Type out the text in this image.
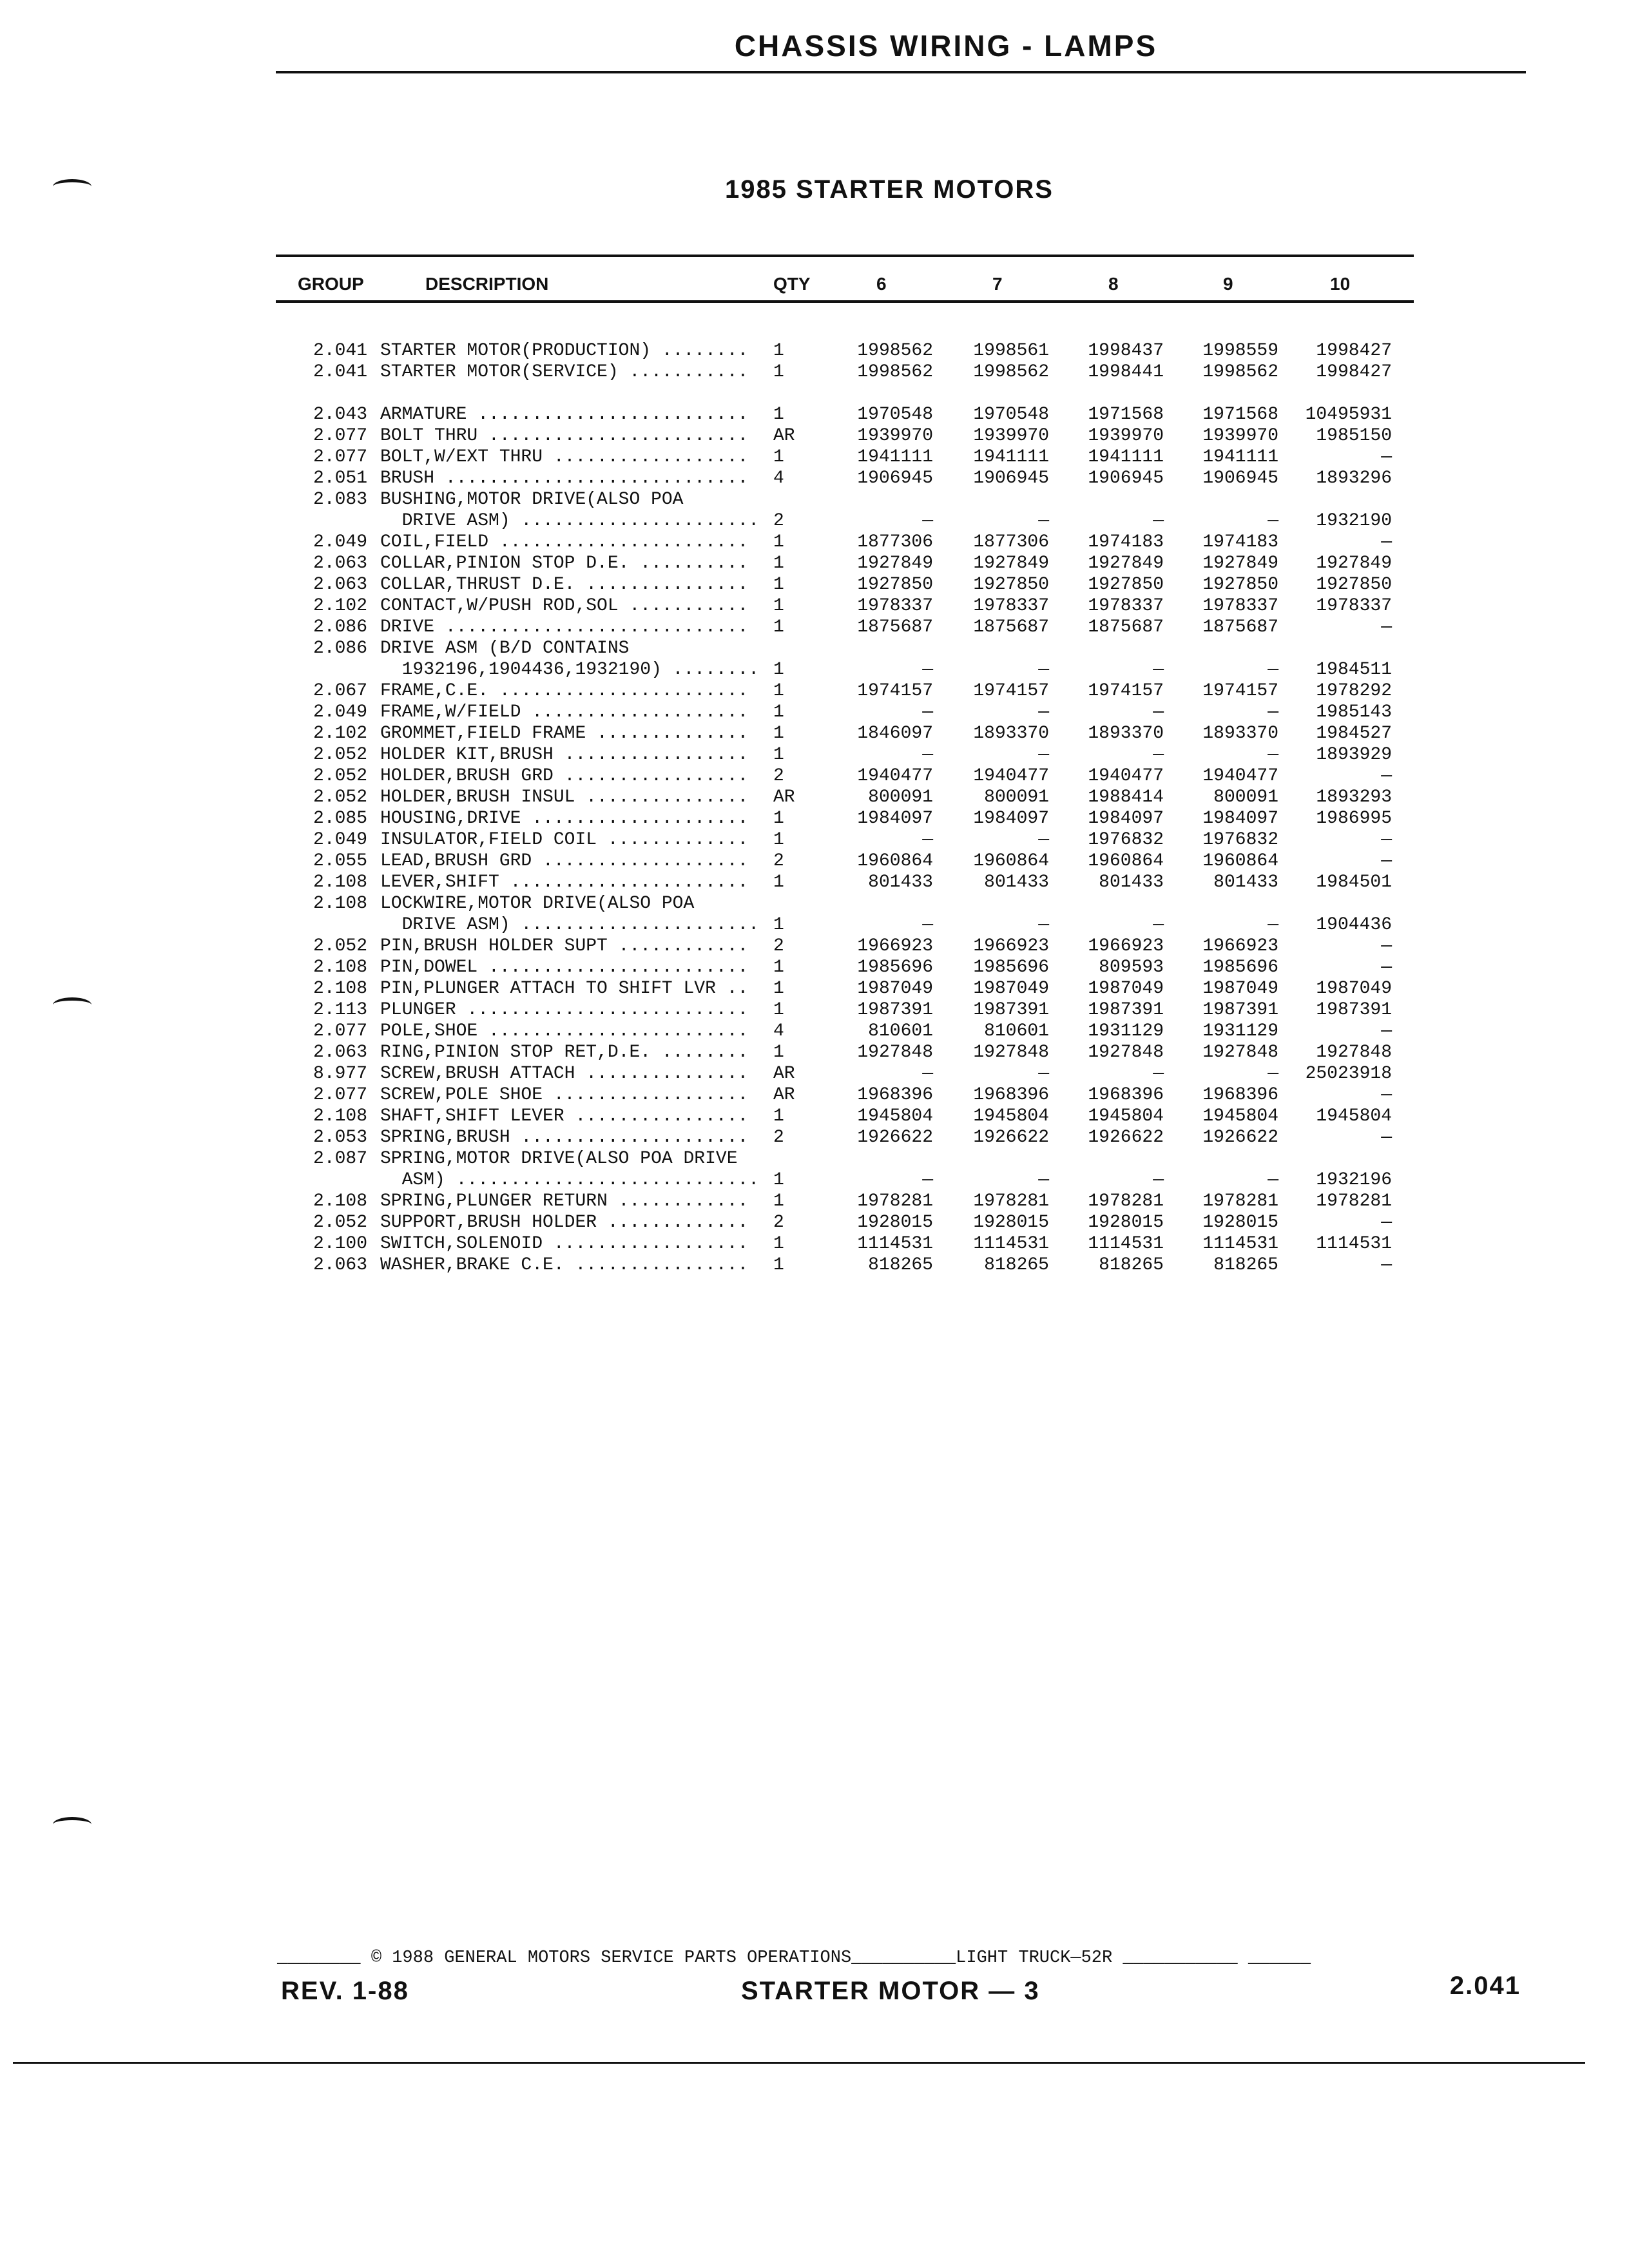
CHASSIS WIRING - LAMPS
1985 STARTER MOTORS
GROUP	DESCRIPTION	QTY	6	7	8	9	10
2.041 STARTER MOTOR(PRODUCTION) ........ 1	1998562	1998561	1998437	1998559	1998427
2.041 STARTER MOTOR(SERVICE) ........... 1	1998562	1998562	1998441	1998562	1998427
2.043 ARMATURE ......................... 1	1970548	1970548	1971568	1971568	10495931
2.077 BOLT THRU ........................ AR	1939970	1939970	1939970	1939970	1985150
2.077 BOLT,W/EXT THRU .................. 1	1941111	1941111	1941111	1941111	—
2.051 BRUSH ............................ 4	1906945	1906945	1906945	1906945	1893296
2.083 BUSHING,MOTOR DRIVE(ALSO POA
DRIVE ASM) ...................... 2	—	—	—	—	1932190
2.049 COIL,FIELD ....................... 1	1877306	1877306	1974183	1974183	—
2.063 COLLAR,PINION STOP D.E. .......... 1	1927849	1927849	1927849	1927849	1927849
2.063 COLLAR,THRUST D.E. ............... 1	1927850	1927850	1927850	1927850	1927850
2.102 CONTACT,W/PUSH ROD,SOL ........... 1	1978337	1978337	1978337	1978337	1978337
2.086 DRIVE ............................ 1	1875687	1875687	1875687	1875687	—
2.086 DRIVE ASM (B/D CONTAINS
1932196,1904436,1932190) ........ 1	—	—	—	—	1984511
2.067 FRAME,C.E. ....................... 1	1974157	1974157	1974157	1974157	1978292
2.049 FRAME,W/FIELD .................... 1	—	—	—	—	1985143
2.102 GROMMET,FIELD FRAME .............. 1	1846097	1893370	1893370	1893370	1984527
2.052 HOLDER KIT,BRUSH ................. 1	—	—	—	—	1893929
2.052 HOLDER,BRUSH GRD ................. 2	1940477	1940477	1940477	1940477	—
2.052 HOLDER,BRUSH INSUL ............... AR	800091	800091	1988414	800091	1893293
2.085 HOUSING,DRIVE .................... 1	1984097	1984097	1984097	1984097	1986995
2.049 INSULATOR,FIELD COIL ............. 1	—	—	1976832	1976832	—
2.055 LEAD,BRUSH GRD ................... 2	1960864	1960864	1960864	1960864	—
2.108 LEVER,SHIFT ...................... 1	801433	801433	801433	801433	1984501
2.108 LOCKWIRE,MOTOR DRIVE(ALSO POA
DRIVE ASM) ...................... 1	—	—	—	—	1904436
2.052 PIN,BRUSH HOLDER SUPT ............ 2	1966923	1966923	1966923	1966923	—
2.108 PIN,DOWEL ........................ 1	1985696	1985696	809593	1985696	—
2.108 PIN,PLUNGER ATTACH TO SHIFT LVR .. 1	1987049	1987049	1987049	1987049	1987049
2.113 PLUNGER .......................... 1	1987391	1987391	1987391	1987391	1987391
2.077 POLE,SHOE ........................ 4	810601	810601	1931129	1931129	—
2.063 RING,PINION STOP RET,D.E. ........ 1	1927848	1927848	1927848	1927848	1927848
8.977 SCREW,BRUSH ATTACH ............... AR	—	—	—	—	25023918
2.077 SCREW,POLE SHOE .................. AR	1968396	1968396	1968396	1968396	—
2.108 SHAFT,SHIFT LEVER ................ 1	1945804	1945804	1945804	1945804	1945804
2.053 SPRING,BRUSH ..................... 2	1926622	1926622	1926622	1926622	—
2.087 SPRING,MOTOR DRIVE(ALSO POA DRIVE
ASM) ............................ 1	—	—	—	—	1932196
2.108 SPRING,PLUNGER RETURN ............ 1	1978281	1978281	1978281	1978281	1978281
2.052 SUPPORT,BRUSH HOLDER ............. 2	1928015	1928015	1928015	1928015	—
2.100 SWITCH,SOLENOID .................. 1	1114531	1114531	1114531	1114531	1114531
2.063 WASHER,BRAKE C.E. ................ 1	818265	818265	818265	818265	—
________ © 1988 GENERAL MOTORS SERVICE PARTS OPERATIONS__________LIGHT TRUCK—52R ___________ ______
REV. 1-88	STARTER MOTOR — 3	2.041
